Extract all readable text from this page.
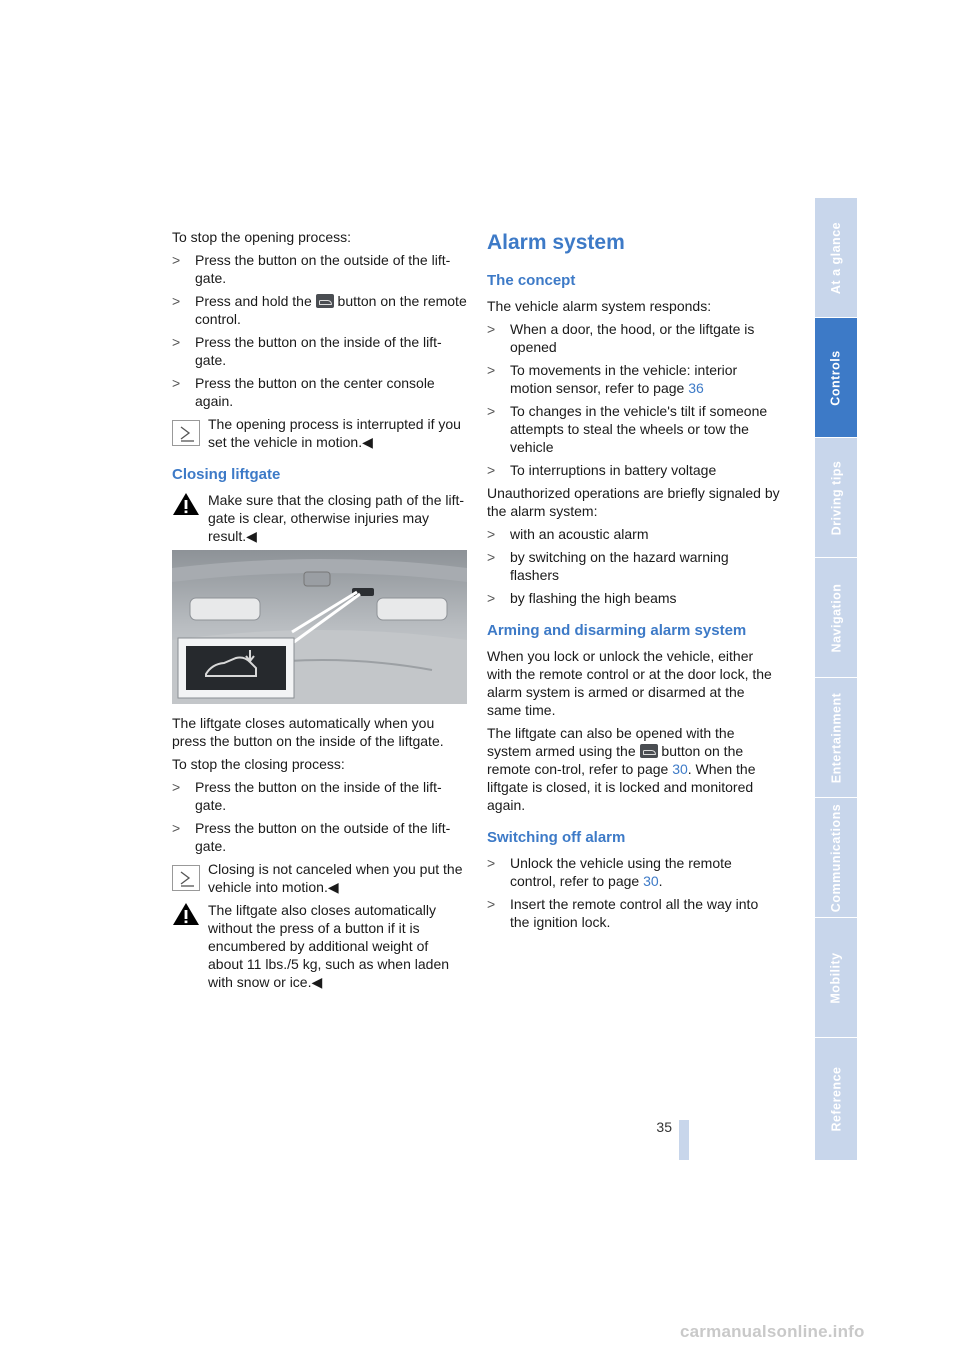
To stop the opening process:

> Press the button on the outside of the lift-gate.
> Press and hold the button on the remote control.
> Press the button on the inside of the lift-gate.
> Press the button on the center console again.
The opening process is interrupted if you set the vehicle in motion.◀
Closing liftgate
Make sure that the closing path of the lift-gate is clear, otherwise injuries may result.◀

The liftgate closes automatically when you press the button on the inside of the liftgate.

To stop the closing process:

> Press the button on the inside of the lift-gate.
> Press the button on the outside of the lift-gate.
Closing is not canceled when you put the vehicle into motion.◀
The liftgate also closes automatically without the press of a button if it is encumbered by additional weight of about 11 lbs./5 kg, such as when laden with snow or ice.◀
Alarm system
The concept

The vehicle alarm system responds:

> When a door, the hood, or the liftgate is opened
> To movements in the vehicle: interior motion sensor, refer to page 36
> To changes in the vehicle's tilt if someone attempts to steal the wheels or tow the vehicle
> To interruptions in battery voltage

Unauthorized operations are briefly signaled by the alarm system:

> with an acoustic alarm
> by switching on the hazard warning flashers
> by flashing the high beams
Arming and disarming alarm system

When you lock or unlock the vehicle, either with the remote control or at the door lock, the alarm system is armed or disarmed at the same time.

The liftgate can also be opened with the system armed using the button on the remote con-trol, refer to page 30. When the liftgate is closed, it is locked and monitored again.

Switching off alarm
> Unlock the vehicle using the remote control, refer to page 30.
> Insert the remote control all the way into the ignition lock.
At a glance
Controls
Driving tips
Navigation
Entertainment
Communications
Mobility
Reference
35
carmanualsonline.info
